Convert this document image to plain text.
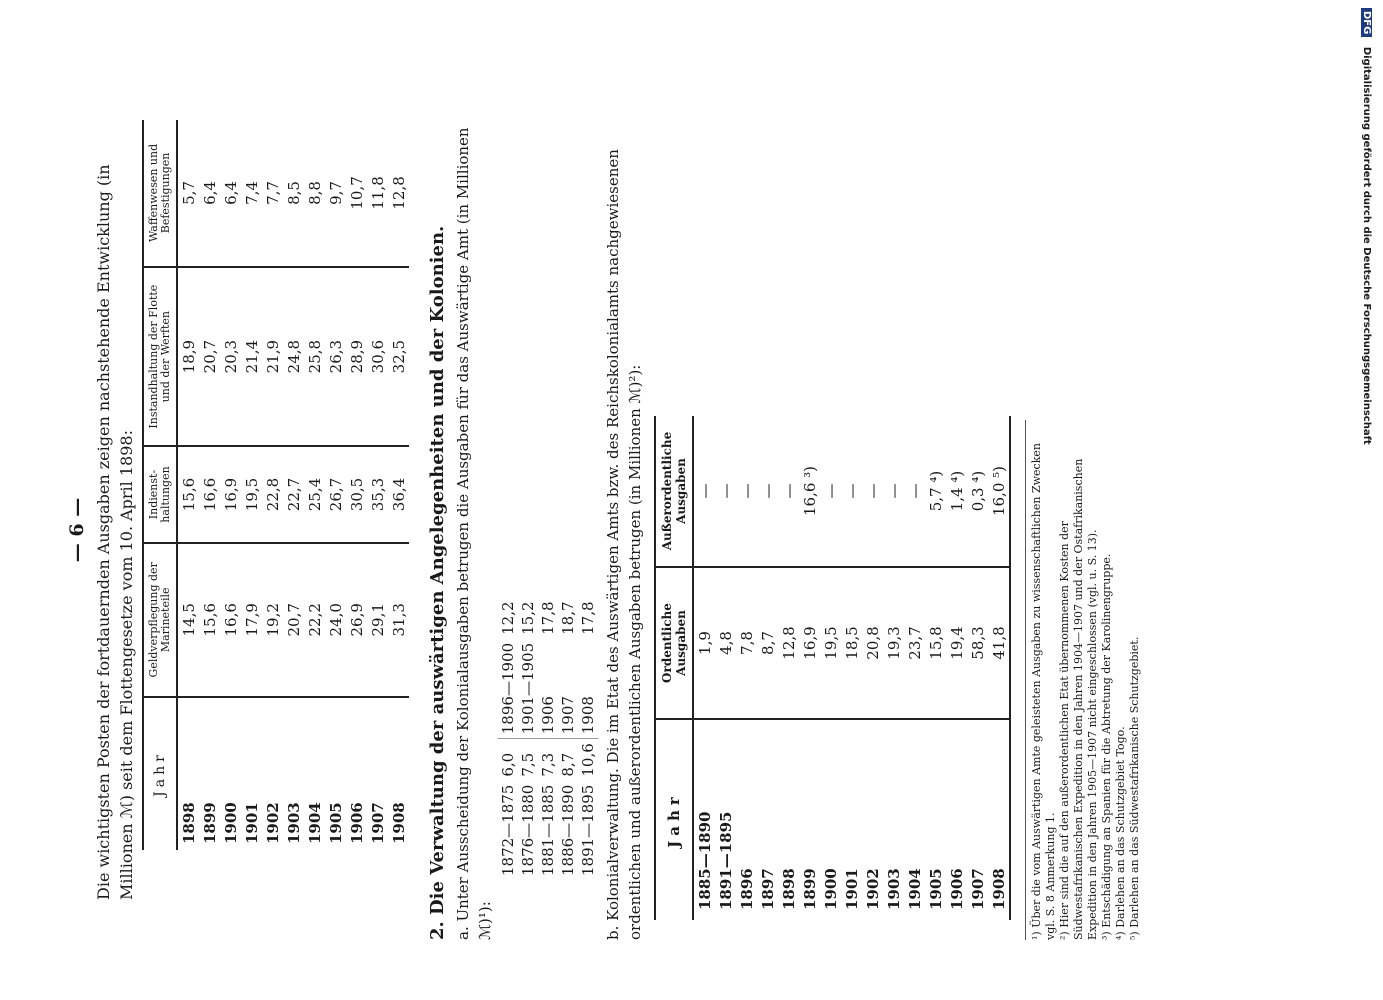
— 6 — Die wichtigsten Posten der fortdauernden Ausgaben zeigen nachstehende Entwicklung (in Millionen ℳ) seit dem Flottengesetze vom 10. April 1898: Jahr	Geldverpflegung der Marineteile	Indienst-haltungen	Instandhaltung der Flotte und der Werften	Waffenwesen und Befestigungen
1898	14,5	15,6	18,9	5,7
1899	15,6	16,6	20,7	6,4
1900	16,6	16,9	20,3	6,4
1901	17,9	19,5	21,4	7,4
1902	19,2	22,8	21,9	7,7
1903	20,7	22,7	24,8	8,5
1904	22,2	25,4	25,8	8,8
1905	24,0	26,7	26,3	9,7
1906	26,9	30,5	28,9	10,7
1907	29,1	35,3	30,6	11,8
1908	31,3	36,4	32,5	12,8
2. Die Verwaltung der auswärtigen Angelegenheiten und der Kolonien. a. Unter Ausscheidung der Kolonialausgaben betrugen die Ausgaben für das Auswärtige Amt (in Millionen ℳ)¹):

1872—1875	6,0	1896—1900	12,2
1876—1880	7,5	1901—1905	15,2
1881—1885	7,3	1906	17,8
1886—1890	8,7	1907	18,7
1891—1895	10,6	1908	17,8 b. Kolonialverwaltung. Die im Etat des Auswärtigen Amts bzw. des Reichskolonialamts nachgewiesenen ordentlichen und außerordentlichen Ausgaben betrugen (in Millionen ℳ)²): Jahr	Ordentliche Ausgaben	Außerordentliche Ausgaben
1885—1890	1,9	—
1891—1895	4,8	—
1896	7,8	—
1897	8,7	—
1898	12,8	—
1899	16,9	16,6 ³)
1900	19,5	—
1901	18,5	—
1902	20,8	—
1903	19,3	—
1904	23,7	—
1905	15,8	5,7 ⁴)
1906	19,4	1,4 ⁴)
1907	58,3	0,3 ⁴)
1908	41,8	16,0 ⁵) ¹) Über die vom Auswärtigen Amte geleisteten Ausgaben zu wissenschaftlichen Zwecken vgl. S. 8 Anmerkung 1. ²) Hier sind die auf den außerordentlichen Etat übernommenen Kosten der Südwestafrikanischen Expedition in den Jahren 1904—1907 und der Ostafrikanischen Expedition in den Jahren 1905—1907 nicht eingeschlossen (vgl. u. S. 13). ³) Entschädigung an Spanien für die Abtretung der Karolinengruppe. ⁴) Darlehen an das Schutzgebiet Togo. ⁵) Darlehen an das Südwestafrikanische Schutzgebiet.

DFG Digitalisierung gefördert durch die Deutsche Forschungsgemeinschaft
